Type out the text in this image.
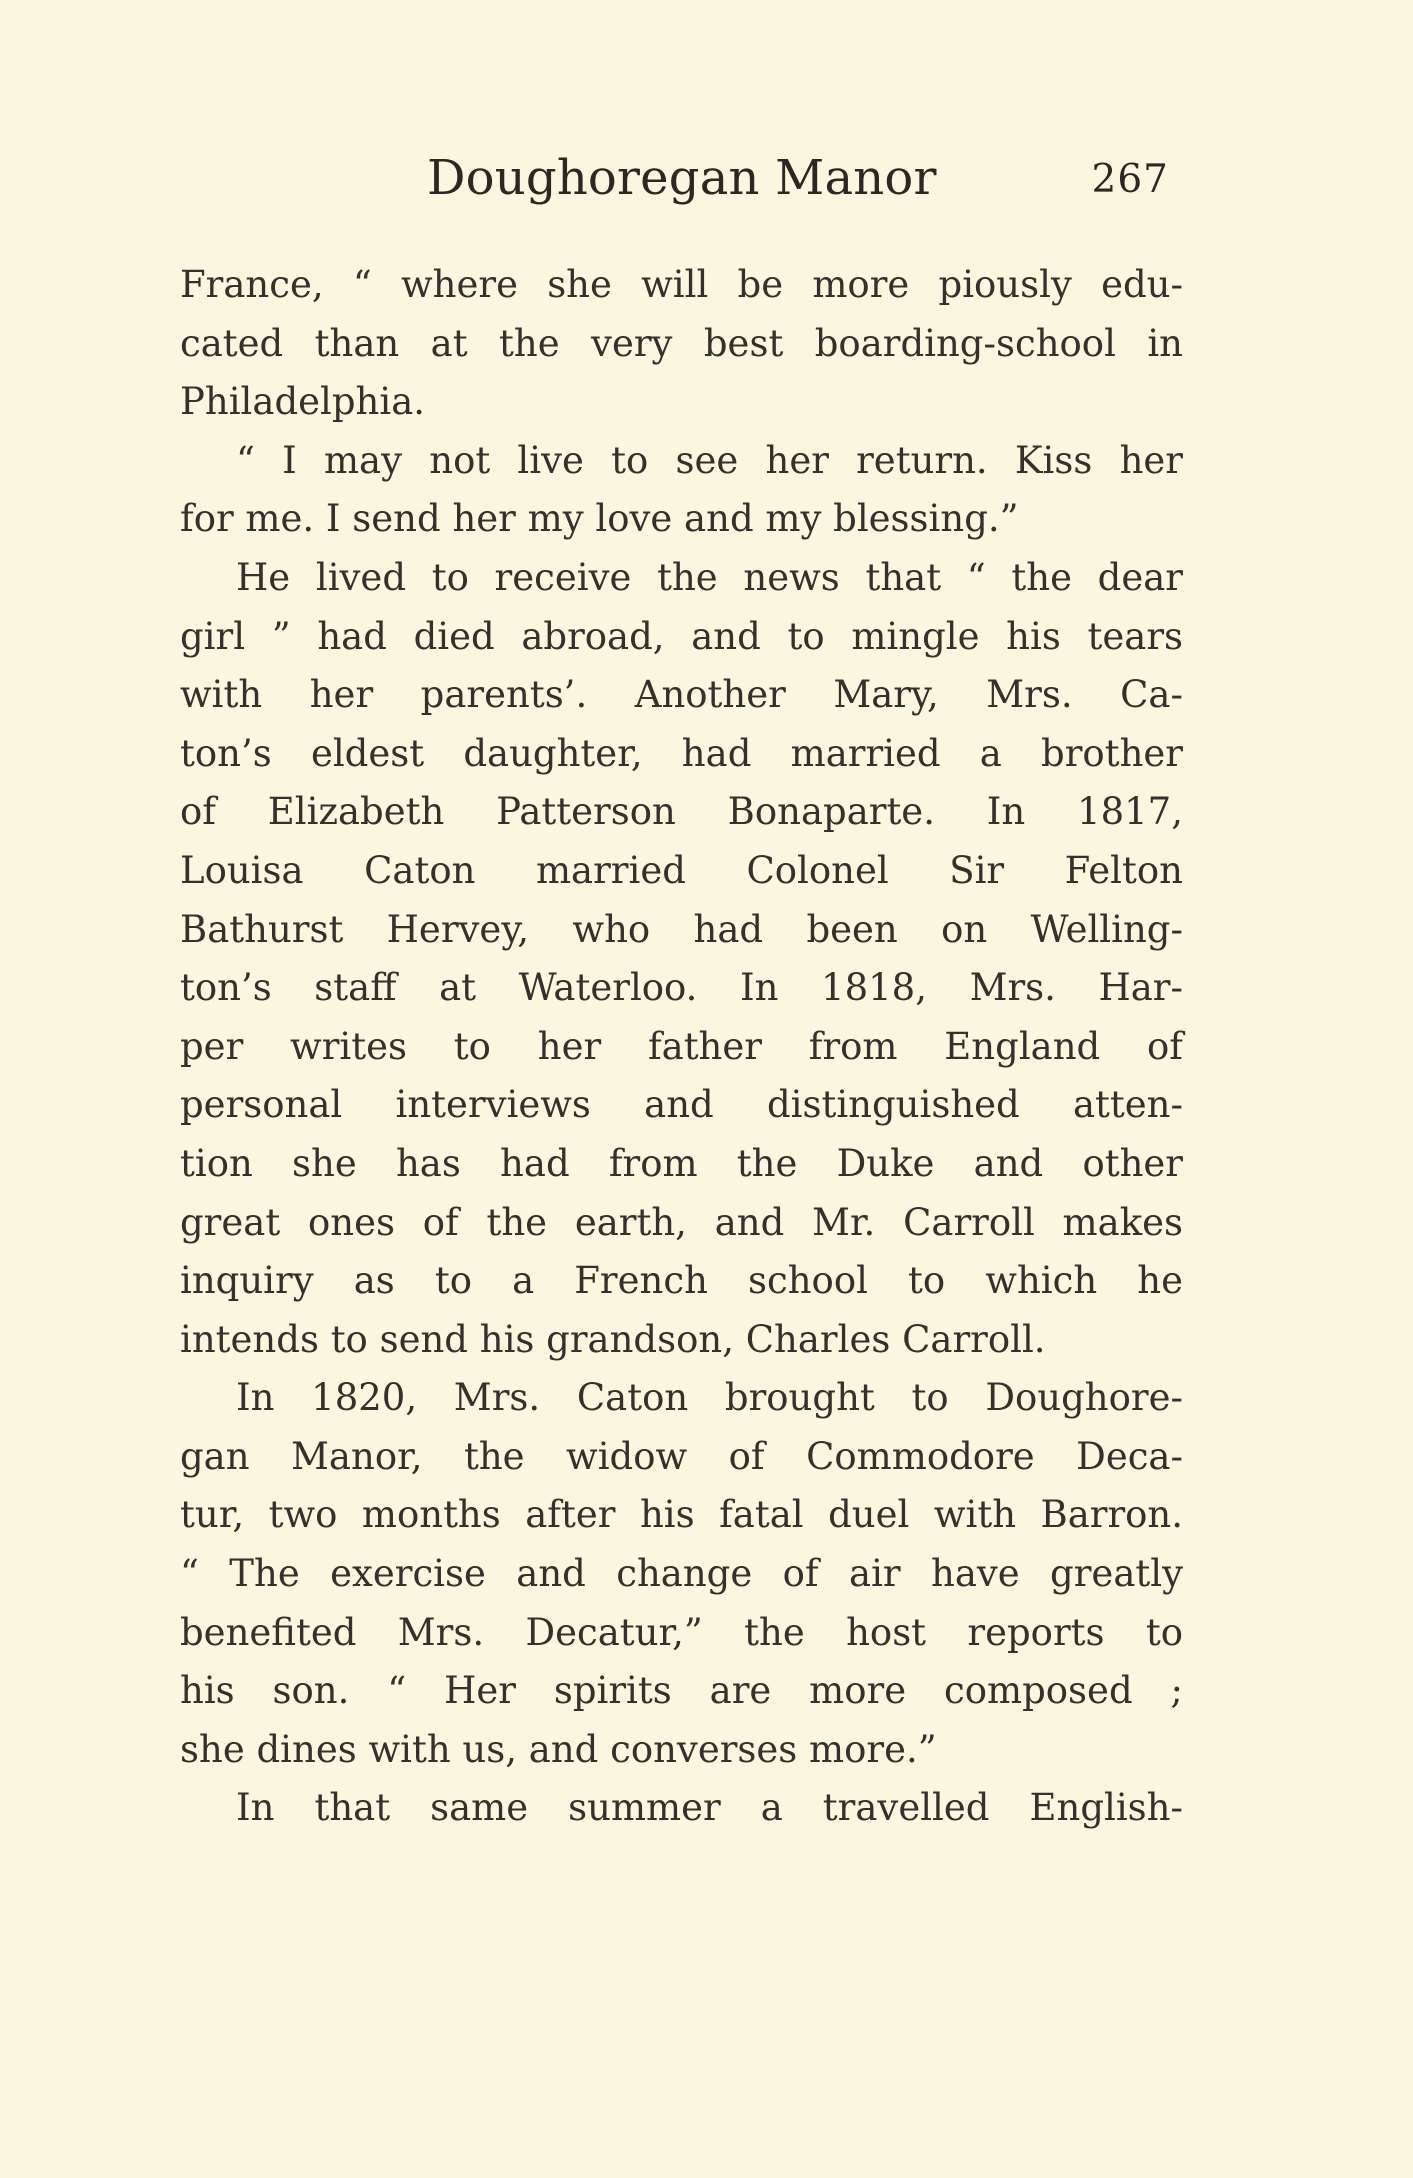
Doughoregan Manor	267
France, “ where she will be more piously edu-
cated than at the very best boarding-school in
Philadelphia.
“ I may not live to see her return. Kiss her
for me. I send her my love and my blessing.”
He lived to receive the news that “ the dear
girl ” had died abroad, and to mingle his tears
with her parents’. Another Mary, Mrs. Ca-
ton’s eldest daughter, had married a brother
of Elizabeth Patterson Bonaparte. In 1817,
Louisa Caton married Colonel Sir Felton
Bathurst Hervey, who had been on Welling-
ton’s staff at Waterloo. In 1818, Mrs. Har-
per writes to her father from England of
personal interviews and distinguished atten-
tion she has had from the Duke and other
great ones of the earth, and Mr. Carroll makes
inquiry as to a French school to which he
intends to send his grandson, Charles Carroll.
In 1820, Mrs. Caton brought to Doughore-
gan Manor, the widow of Commodore Deca-
tur, two months after his fatal duel with Barron.
“ The exercise and change of air have greatly
benefited Mrs. Decatur,” the host reports to
his son. “ Her spirits are more composed ;
she dines with us, and converses more.”
In that same summer a travelled English-
